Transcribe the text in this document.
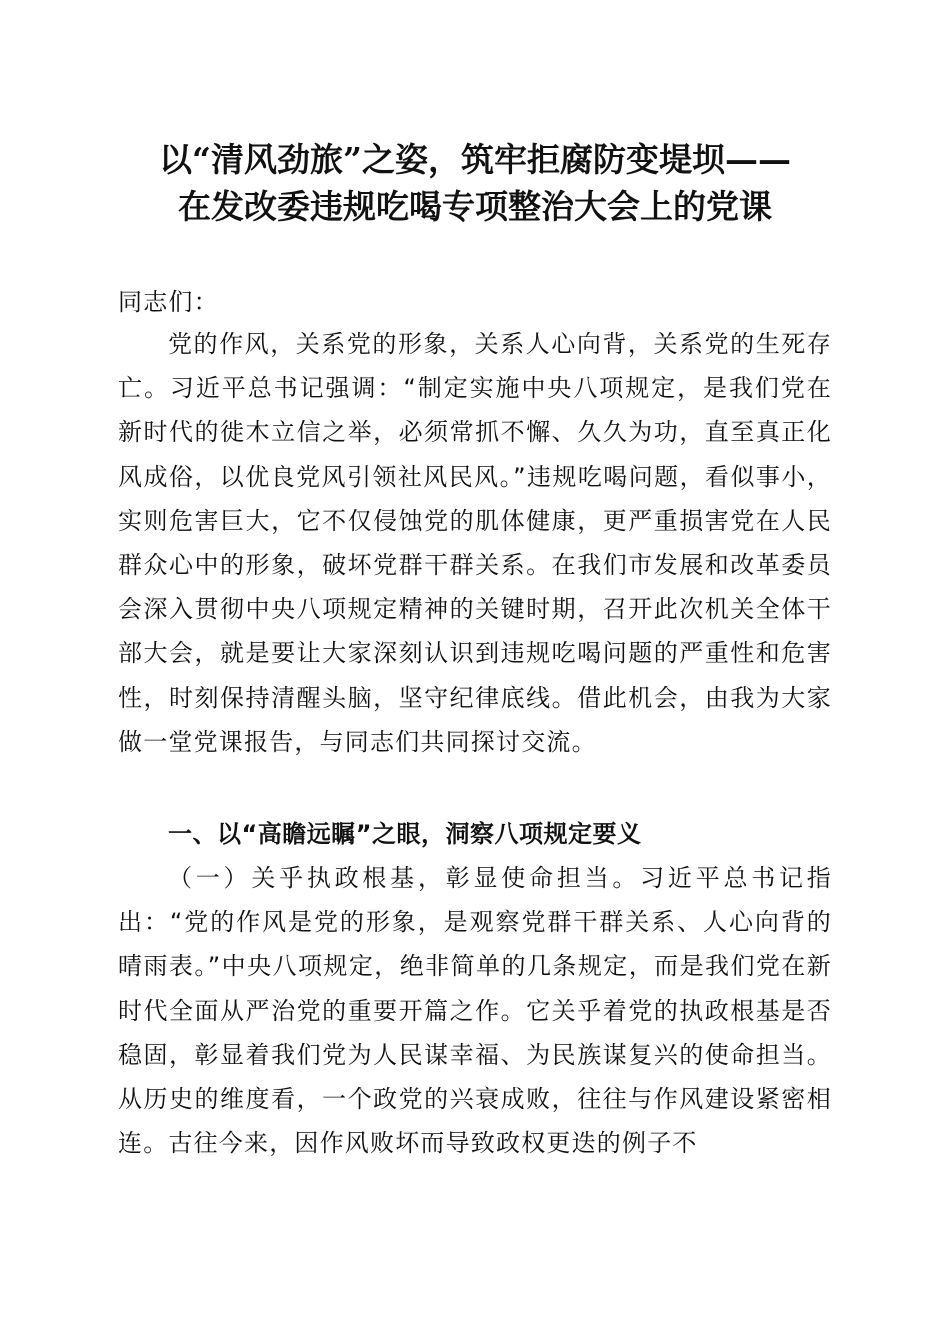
以“清风劲旅”之姿，筑牢拒腐防变堤坝——
在发改委违规吃喝专项整治大会上的党课

同志们：

党的作风，关系党的形象，关系人心向背，关系党的生死存亡。习近平总书记强调：“制定实施中央八项规定，是我们党在新时代的徙木立信之举，必须常抓不懈、久久为功，直至真正化风成俗，以优良党风引领社风民风。”违规吃喝问题，看似事小，实则危害巨大，它不仅侵蚀党的肌体健康，更严重损害党在人民群众心中的形象，破坏党群干群关系。在我们市发展和改革委员会深入贯彻中央八项规定精神的关键时期，召开此次机关全体干部大会，就是要让大家深刻认识到违规吃喝问题的严重性和危害性，时刻保持清醒头脑，坚守纪律底线。借此机会，由我为大家做一堂党课报告，与同志们共同探讨交流。

一、以“高瞻远瞩”之眼，洞察八项规定要义

（一）关乎执政根基，彰显使命担当。习近平总书记指出：“党的作风是党的形象，是观察党群干群关系、人心向背的晴雨表。”中央八项规定，绝非简单的几条规定，而是我们党在新时代全面从严治党的重要开篇之作。它关乎着党的执政根基是否稳固，彰显着我们党为人民谋幸福、为民族谋复兴的使命担当。从历史的维度看，一个政党的兴衰成败，往往与作风建设紧密相连。古往今来，因作风败坏而导致政权更迭的例子不
